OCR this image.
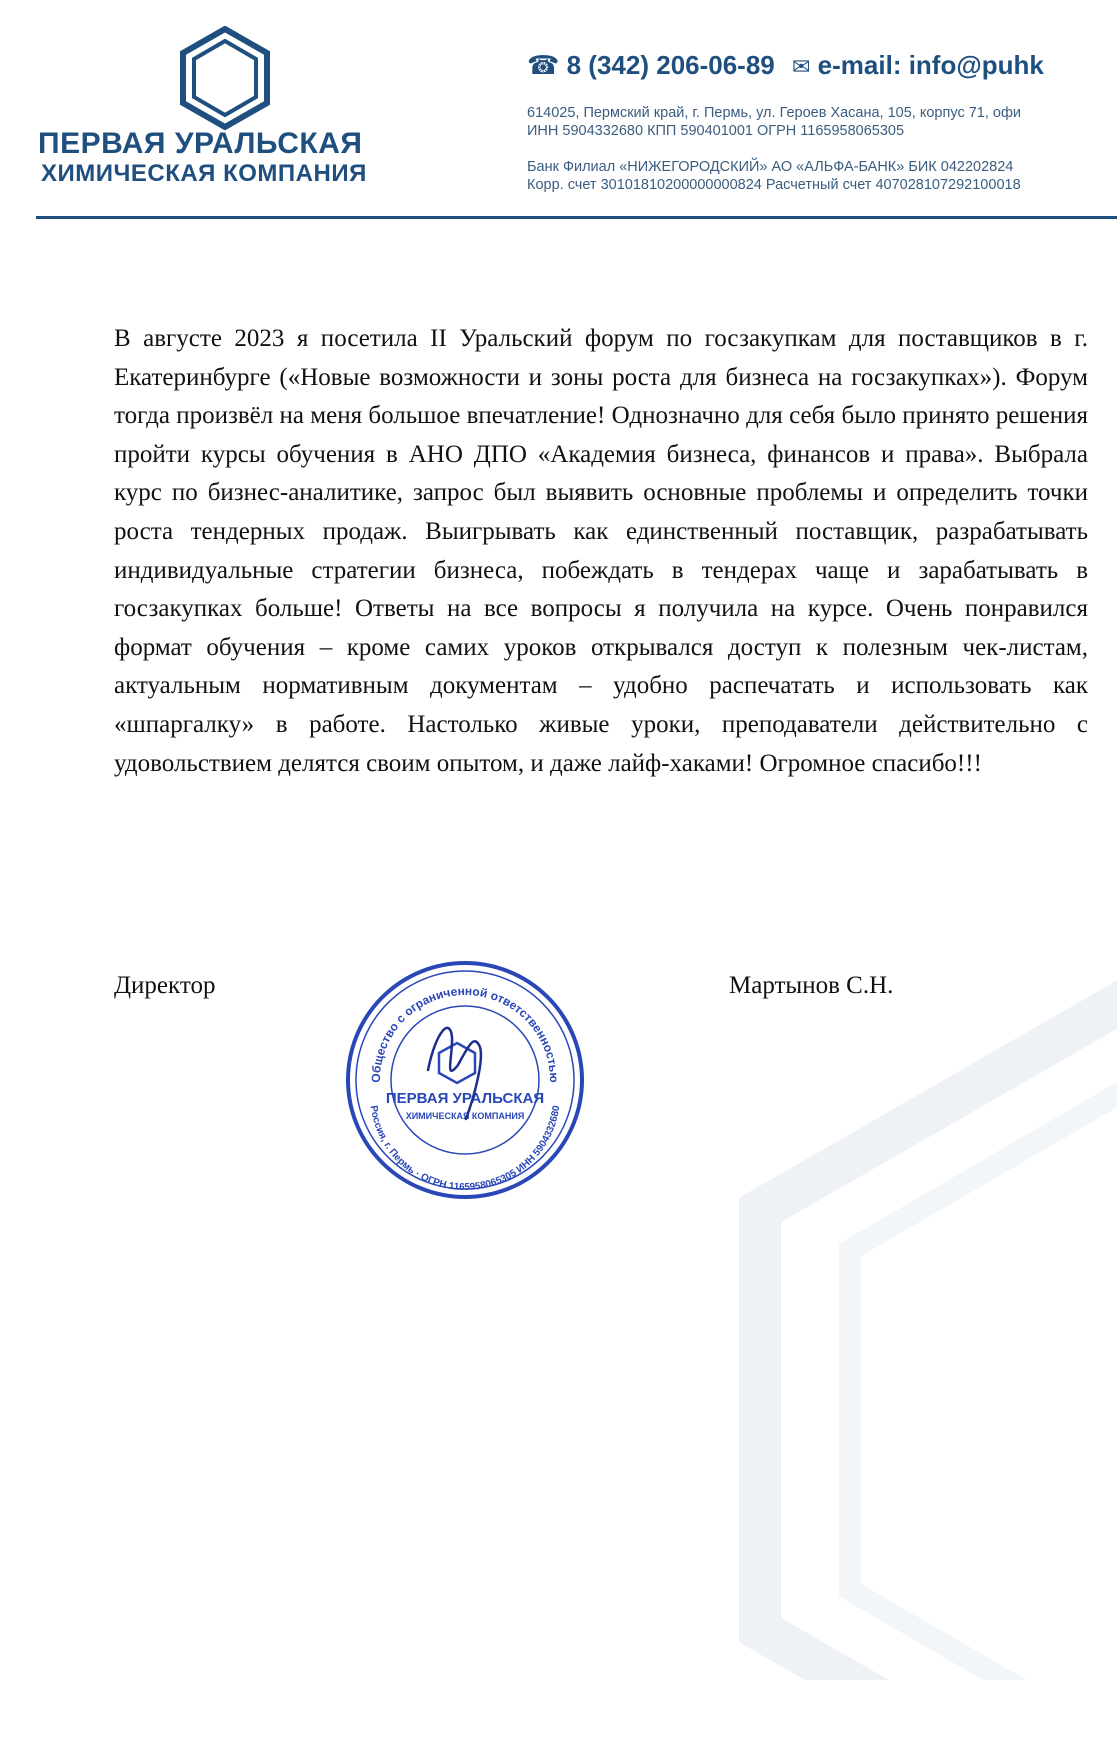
ПЕРВАЯ УРАЛЬСКАЯ
ХИМИЧЕСКАЯ КОМПАНИЯ
☎ 8 (342) 206-06-89 ✉ e-mail: info@puhk
614025, Пермский край, г. Пермь, ул. Героев Хасана, 105, корпус 71, офи
ИНН 5904332680 КПП 590401001 ОГРН 1165958065305
Банк Филиал «НИЖЕГОРОДСКИЙ» АО «АЛЬФА-БАНК» БИК 042202824
Корр. счет 30101810200000000824 Расчетный счет 407028107292100018
В августе 2023 я посетила II Уральский форум по госзакупкам для поставщиков в г. Екатеринбурге («Новые возможности и зоны роста для бизнеса на госзакупках»). Форум тогда произвёл на меня большое впечатление! Однозначно для себя было принято решения пройти курсы обучения в АНО ДПО «Академия бизнеса, финансов и права». Выбрала курс по бизнес-аналитике, запрос был выявить основные проблемы и определить точки роста тендерных продаж. Выигрывать как единственный поставщик, разрабатывать индивидуальные стратегии бизнеса, побеждать в тендерах чаще и зарабатывать в госзакупках больше! Ответы на все вопросы я получила на курсе. Очень понравился формат обучения – кроме самих уроков открывался доступ к полезным чек-листам, актуальным нормативным документам – удобно распечатать и использовать как «шпаргалку» в работе. Настолько живые уроки, преподаватели действительно с удовольствием делятся своим опытом, и даже лайф-хаками! Огромное спасибо!!!
Директор	Мартынов С.Н.
Общество с ограниченной ответственностью
ПЕРВАЯ УРАЛЬСКАЯ
ХИМИЧЕСКАЯ КОМПАНИЯ
Россия, г. Пермь · ОГРН 1165958065305 ИНН 5904332680
